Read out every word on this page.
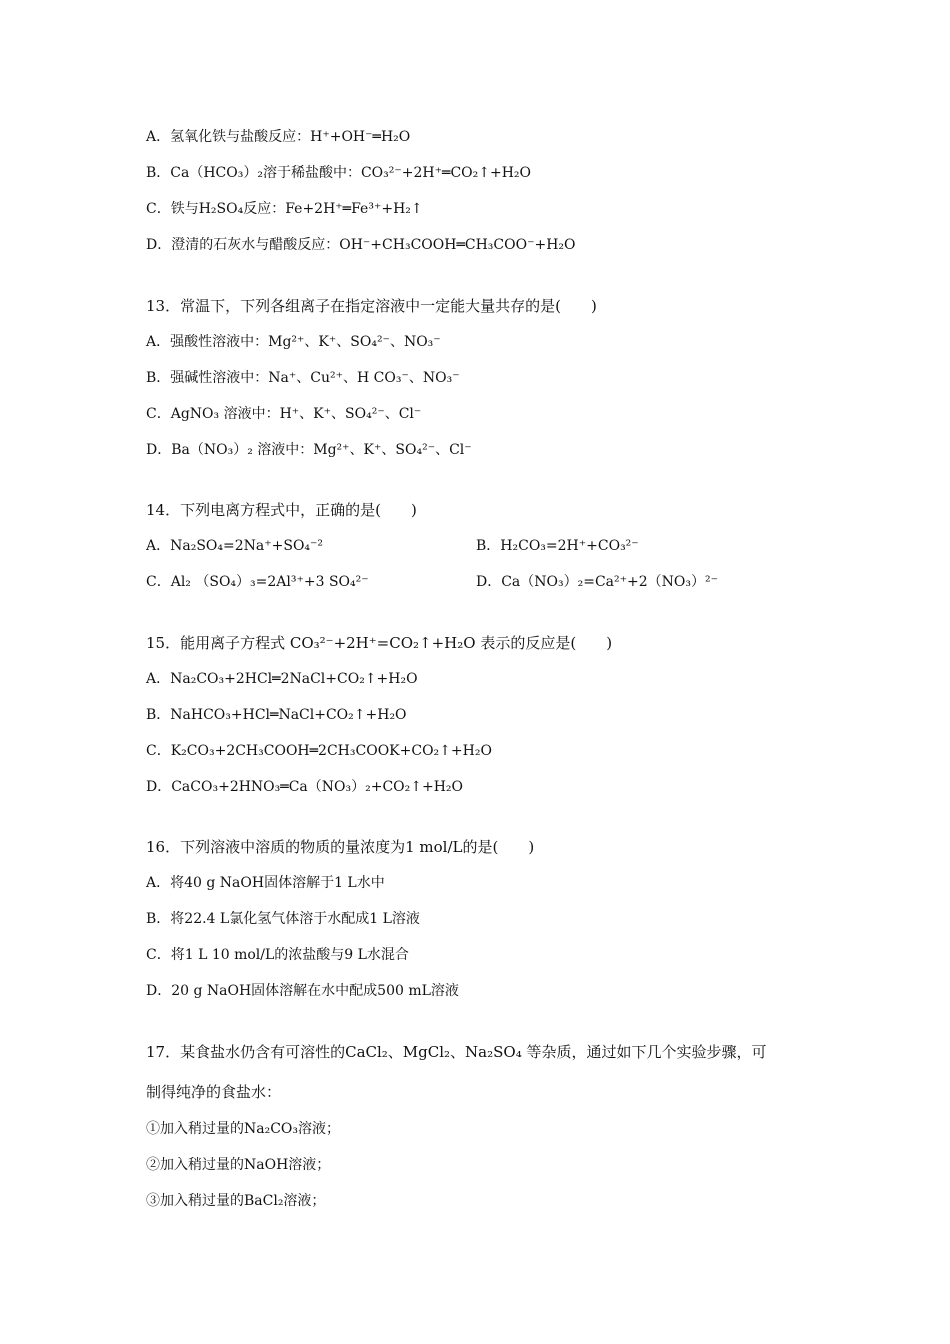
A．氢氧化铁与盐酸反应：H⁺+OH⁻═H₂O
B．Ca（HCO₃）₂溶于稀盐酸中：CO₃²⁻+2H⁺═CO₂↑+H₂O
C．铁与H₂SO₄反应：Fe+2H⁺═Fe³⁺+H₂↑
D．澄清的石灰水与醋酸反应：OH⁻+CH₃COOH═CH₃COO⁻+H₂O
13．常温下，下列各组离子在指定溶液中一定能大量共存的是(　　)
A．强酸性溶液中：Mg²⁺、K⁺、SO₄²⁻、NO₃⁻
B．强碱性溶液中：Na⁺、Cu²⁺、H CO₃⁻、NO₃⁻
C．AgNO₃ 溶液中：H⁺、K⁺、SO₄²⁻、Cl⁻
D．Ba（NO₃）₂ 溶液中：Mg²⁺、K⁺、SO₄²⁻、Cl⁻
14．下列电离方程式中，正确的是(　　)
A．Na₂SO₄=2Na⁺+SO₄⁻²	B．H₂CO₃=2H⁺+CO₃²⁻
C．Al₂ （SO₄）₃=2Al³⁺+3 SO₄²⁻	D．Ca（NO₃）₂=Ca²⁺+2（NO₃）²⁻
15．能用离子方程式 CO₃²⁻+2H⁺=CO₂↑+H₂O 表示的反应是(　　)
A．Na₂CO₃+2HCl═2NaCl+CO₂↑+H₂O
B．NaHCO₃+HCl═NaCl+CO₂↑+H₂O
C．K₂CO₃+2CH₃COOH═2CH₃COOK+CO₂↑+H₂O
D．CaCO₃+2HNO₃═Ca（NO₃）₂+CO₂↑+H₂O
16．下列溶液中溶质的物质的量浓度为1 mol/L的是(　　)
A．将40 g NaOH固体溶解于1 L水中
B．将22.4 L氯化氢气体溶于水配成1 L溶液
C．将1 L 10 mol/L的浓盐酸与9 L水混合
D．20 g NaOH固体溶解在水中配成500 mL溶液
17．某食盐水仍含有可溶性的CaCl₂、MgCl₂、Na₂SO₄ 等杂质，通过如下几个实验步骤，可
制得纯净的食盐水：
①加入稍过量的Na₂CO₃溶液；
②加入稍过量的NaOH溶液；
③加入稍过量的BaCl₂溶液；
